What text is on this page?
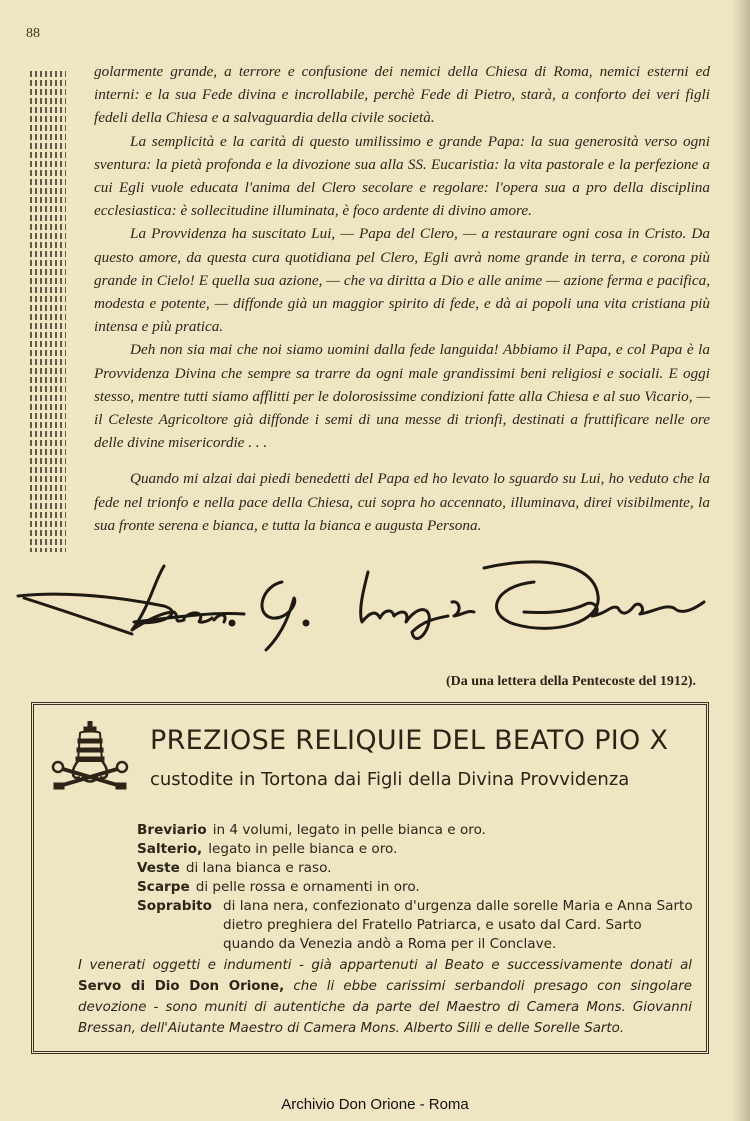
88

golarmente grande, a terrore e confusione dei nemici della Chiesa di Roma, nemici esterni ed interni: e la sua Fede divina e incrollabile, perchè Fede di Pietro, starà, a conforto dei veri figli fedeli della Chiesa e a salvaguardia della civile società.

La semplicità e la carità di questo umilissimo e grande Papa: la sua generosità verso ogni sventura: la pietà profonda e la divozione sua alla SS. Eucaristia: la vita pastorale e la perfezione a cui Egli vuole educata l'anima del Clero secolare e regolare: l'opera sua a pro della disciplina ecclesiastica: è sollecitudine illuminata, è foco ardente di divino amore.

La Provvidenza ha suscitato Lui, — Papa del Clero, — a restaurare ogni cosa in Cristo. Da questo amore, da questa cura quotidiana pel Clero, Egli avrà nome grande in terra, e corona più grande in Cielo! E quella sua azione, — che va diritta a Dio e alle anime — azione ferma e pacifica, modesta e potente, — diffonde già un maggior spirito di fede, e dà ai popoli una vita cristiana più intensa e più pratica.

Deh non sia mai che noi siamo uomini dalla fede languida! Abbiamo il Papa, e col Papa è la Provvidenza Divina che sempre sa trarre da ogni male grandissimi beni religiosi e sociali. E oggi stesso, mentre tutti siamo afflitti per le dolorosissime condizioni fatte alla Chiesa e al suo Vicario, — il Celeste Agricoltore già diffonde i semi di una messe di trionfi, destinati a fruttificare nelle ore delle divine misericordie . . .

Quando mi alzai dai piedi benedetti del Papa ed ho levato lo sguardo su Lui, ho veduto che la fede nel trionfo e nella pace della Chiesa, cui sopra ho accennato, illuminava, direi visibilmente, la sua fronte serena e bianca, e tutta la bianca e augusta Persona.

(Da una lettera della Pentecoste del 1912).
PREZIOSE RELIQUIE DEL BEATO PIO X
custodite in Tortona dai Figli della Divina Provvidenza
Breviario in 4 volumi, legato in pelle bianca e oro.
Salterio, legato in pelle bianca e oro.
Veste di lana bianca e raso.
Scarpe di pelle rossa e ornamenti in oro.
Soprabito di lana nera, confezionato d'urgenza dalle sorelle Maria e Anna Sarto dietro preghiera del Fratello Patriarca, e usato dal Card. Sarto quando da Venezia andò a Roma per il Conclave.
I venerati oggetti e indumenti - già appartenuti al Beato e successivamente donati al Servo di Dio Don Orione, che li ebbe carissimi serbandoli presago con singolare devozione - sono muniti di autentiche da parte del Maestro di Camera Mons. Giovanni Bressan, dell'Aiutante Maestro di Camera Mons. Alberto Silli e delle Sorelle Sarto.
Archivio Don Orione - Roma
